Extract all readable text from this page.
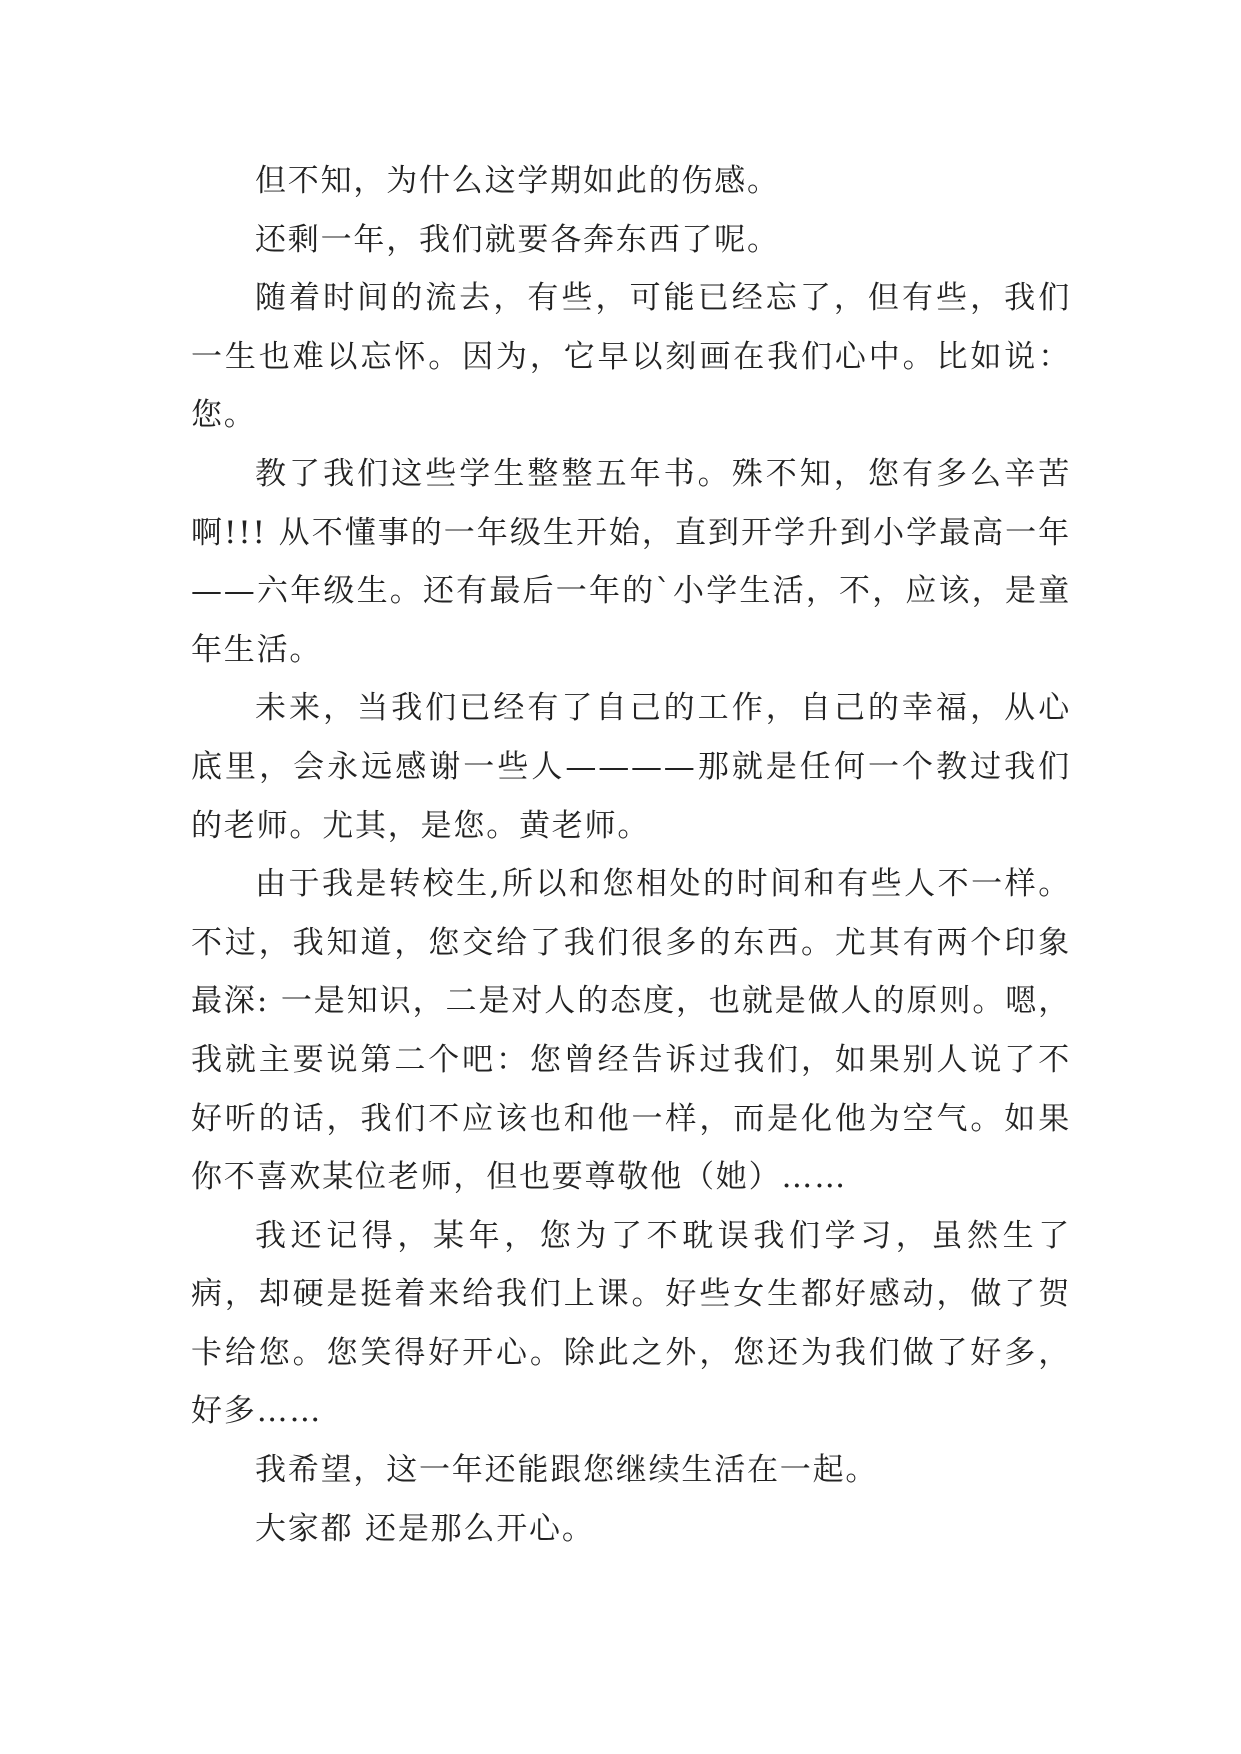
但不知，为什么这学期如此的伤感。

还剩一年，我们就要各奔东西了呢。

随着时间的流去，有些，可能已经忘了，但有些，我们一生也难以忘怀。因为，它早以刻画在我们心中。比如说：您。

教了我们这些学生整整五年书。殊不知，您有多么辛苦啊!!! 从不懂事的一年级生开始，直到开学升到小学最高一年——六年级生。还有最后一年的`小学生活，不，应该，是童年生活。

未来，当我们已经有了自己的工作，自己的幸福，从心底里，会永远感谢一些人————那就是任何一个教过我们的老师。尤其，是您。黄老师。

由于我是转校生,所以和您相处的时间和有些人不一样。不过，我知道，您交给了我们很多的东西。尤其有两个印象最深: 一是知识，二是对人的态度，也就是做人的原则。嗯，我就主要说第二个吧：您曾经告诉过我们，如果别人说了不好听的话，我们不应该也和他一样，而是化他为空气。如果你不喜欢某位老师，但也要尊敬他（她）……

我还记得，某年，您为了不耽误我们学习，虽然生了病，却硬是挺着来给我们上课。好些女生都好感动，做了贺卡给您。您笑得好开心。除此之外，您还为我们做了好多，好多……

我希望，这一年还能跟您继续生活在一起。

大家都 还是那么开心。
